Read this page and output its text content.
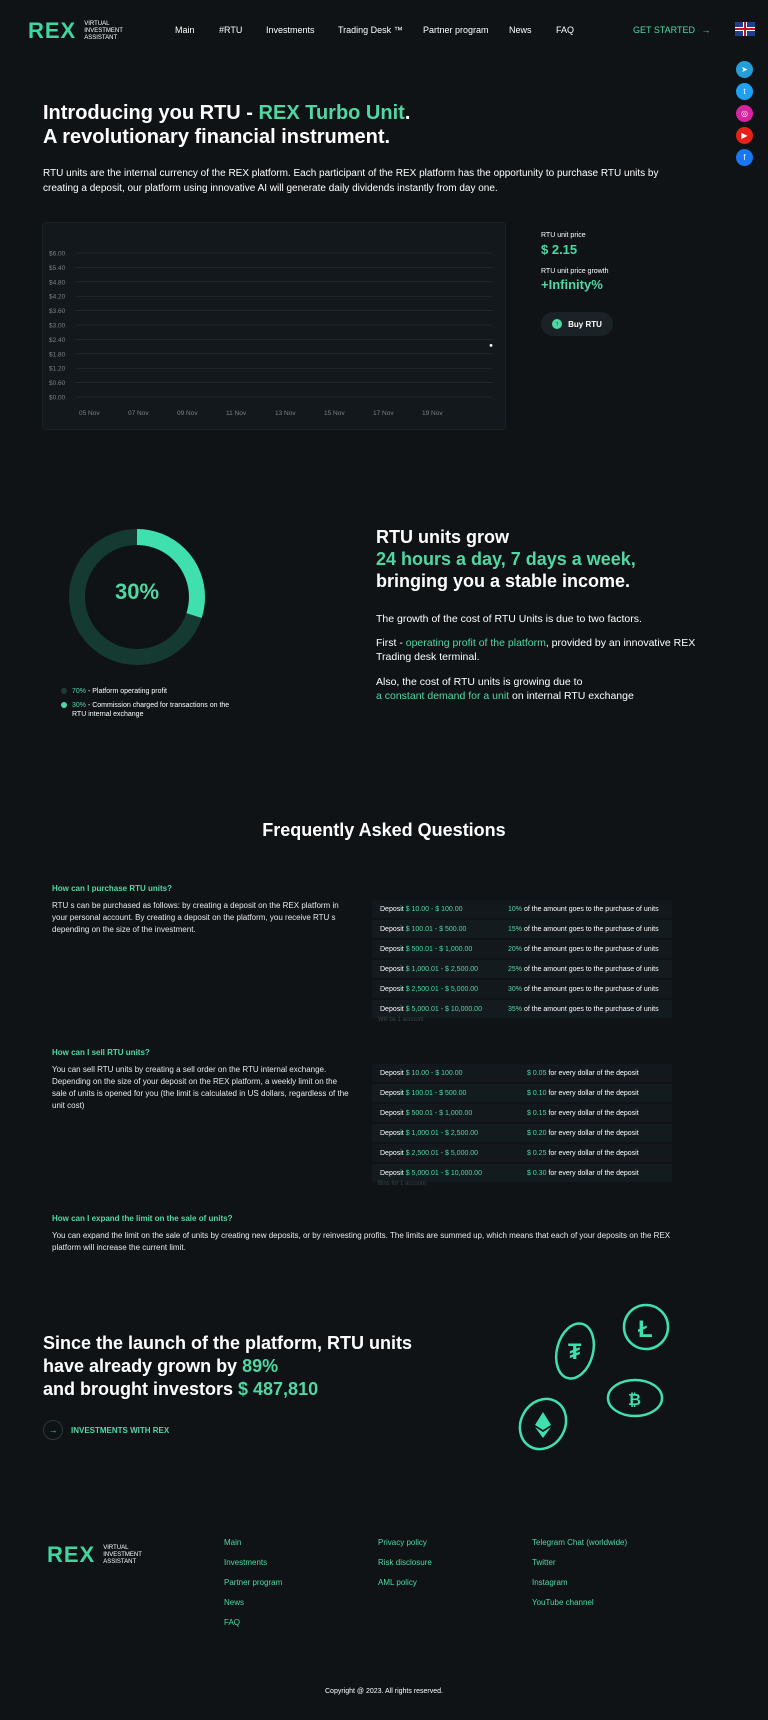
REX VIRTUAL
INVESTMENT
ASSISTANT
Main	#RTU	Investments	Trading Desk ™ Partner program News	FAQ	GET STARTED →
➤
t
◎
▶
f
Introducing you RTU - REX Turbo Unit.
A revolutionary financial instrument.

RTU units are the internal currency of the REX platform. Each participant of the REX platform has the opportunity to purchase RTU units by creating a deposit, our platform using innovative AI will generate daily dividends instantly from day one.

$6.00
$5.40
$4.80
$4.20
$3.60
$3.00
$2.40
$1.80
$1.20
$0.60
$0.00
05 Nov	07 Nov	09 Nov	11 Nov	13 Nov	15 Nov	17 Nov	19 Nov
RTU unit price
$ 2.15
RTU unit price growth
+Infinity%
↑	Buy RTU
30%
70% - Platform operating profit
30% - Commission charged for transactions on the RTU internal exchange
RTU units grow
24 hours a day, 7 days a week,
bringing you a stable income.

The growth of the cost of RTU Units is due to two factors.

First - operating profit of the platform, provided by an innovative REX Trading desk terminal.

Also, the cost of RTU units is growing due to
a constant demand for a unit on internal RTU exchange

Frequently Asked Questions
How can I purchase RTU units?

RTU s can be purchased as follows: by creating a deposit on the REX platform in your personal account. By creating a deposit on the platform, you receive RTU s depending on the size of the investment.

Deposit $ 10.00 - $ 100.00	10% of the amount goes to the purchase of units
Deposit $ 100.01 - $ 500.00	15% of the amount goes to the purchase of units
Deposit $ 500.01 - $ 1,000.00	20% of the amount goes to the purchase of units
Deposit $ 1,000.01 - $ 2,500.00	25% of the amount goes to the purchase of units
Deposit $ 2,500.01 - $ 5,000.00	30% of the amount goes to the purchase of units
Deposit $ 5,000.01 - $ 10,000.00	35% of the amount goes to the purchase of units
Will be 1 account
How can I sell RTU units?

You can sell RTU units by creating a sell order on the RTU internal exchange. Depending on the size of your deposit on the REX platform, a weekly limit on the sale of units is opened for you (the limit is calculated in US dollars, regardless of the unit cost)

Deposit $ 10.00 - $ 100.00	$ 0.05 for every dollar of the deposit
Deposit $ 100.01 - $ 500.00	$ 0.10 for every dollar of the deposit
Deposit $ 500.01 - $ 1,000.00	$ 0.15 for every dollar of the deposit
Deposit $ 1,000.01 - $ 2,500.00	$ 0.20 for every dollar of the deposit
Deposit $ 2,500.01 - $ 5,000.00	$ 0.25 for every dollar of the deposit
Deposit $ 5,000.01 - $ 10,000.00	$ 0.30 for every dollar of the deposit
Bins for 1 account
How can I expand the limit on the sale of units?

You can expand the limit on the sale of units by creating new deposits, or by reinvesting profits. The limits are summed up, which means that each of your deposits on the REX platform will increase the current limit.

Since the launch of the platform, RTU units
have already grown by 89%
and brought investors $ 487,810
→	INVESTMENTS WITH REX
₮
Ł
₿
REX VIRTUAL
INVESTMENT
ASSISTANT
Main
Investments
Partner program
News
FAQ
Privacy policy
Risk disclosure
AML policy
Telegram Chat (worldwide)
Twitter
Instagram
YouTube channel
Copyright @ 2023. All rights reserved.
